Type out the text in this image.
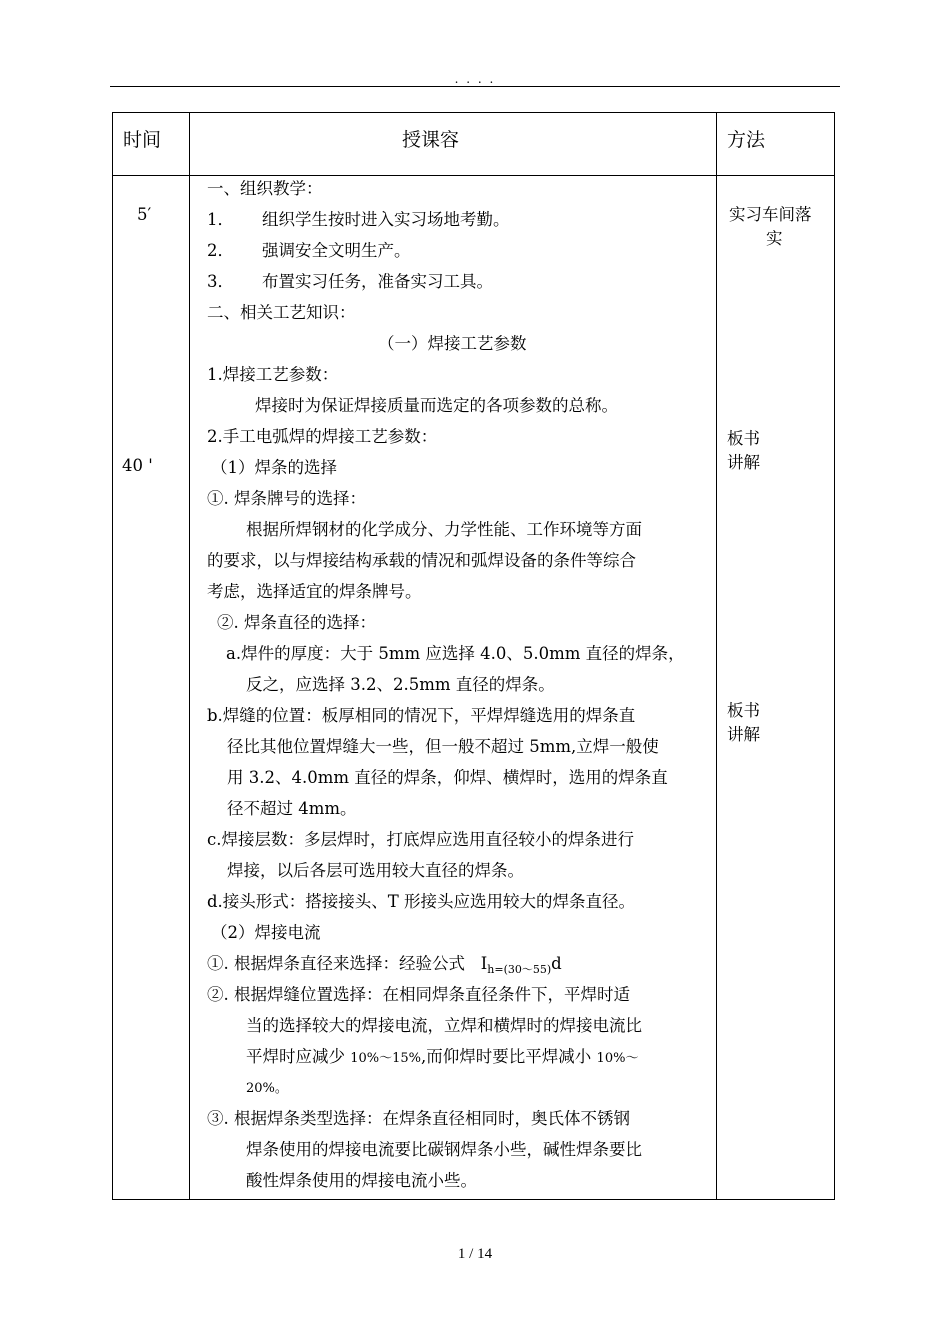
. . . .
时间	授课容	方法
5′
40 '
实习车间落
实
板书
讲解
板书
讲解
一、组织教学：
1． 组织学生按时进入实习场地考勤。
2． 强调安全文明生产。
3． 布置实习任务，准备实习工具。
二、相关工艺知识：
（一）焊接工艺参数
1.焊接工艺参数：
焊接时为保证焊接质量而选定的各项参数的总称。
2.手工电弧焊的焊接工艺参数：
（1）焊条的选择
①. 焊条牌号的选择：
根据所焊钢材的化学成分、力学性能、工作环境等方面
的要求，以与焊接结构承载的情况和弧焊设备的条件等综合
考虑，选择适宜的焊条牌号。
②. 焊条直径的选择：
a.焊件的厚度：大于 5mm 应选择 4.0、5.0mm 直径的焊条，
反之，应选择 3.2、2.5mm 直径的焊条。
b.焊缝的位置：板厚相同的情况下，平焊焊缝选用的焊条直
径比其他位置焊缝大一些，但一般不超过 5mm,立焊一般使
用 3.2、4.0mm 直径的焊条，仰焊、横焊时，选用的焊条直
径不超过 4mm。
c.焊接层数：多层焊时，打底焊应选用直径较小的焊条进行
焊接，以后各层可选用较大直径的焊条。
d.接头形式：搭接接头、T 形接头应选用较大的焊条直径。
（2）焊接电流
①. 根据焊条直径来选择：经验公式 $I_{h=(30\sim 55)}d$
②. 根据焊缝位置选择：在相同焊条直径条件下，平焊时适
当的选择较大的焊接电流，立焊和横焊时的焊接电流比
平焊时应减少 10%～15%,而仰焊时要比平焊减小 10%～
20%。
③. 根据焊条类型选择：在焊条直径相同时，奥氏体不锈钢
焊条使用的焊接电流要比碳钢焊条小些，碱性焊条要比
酸性焊条使用的焊接电流小些。
1 / 14
